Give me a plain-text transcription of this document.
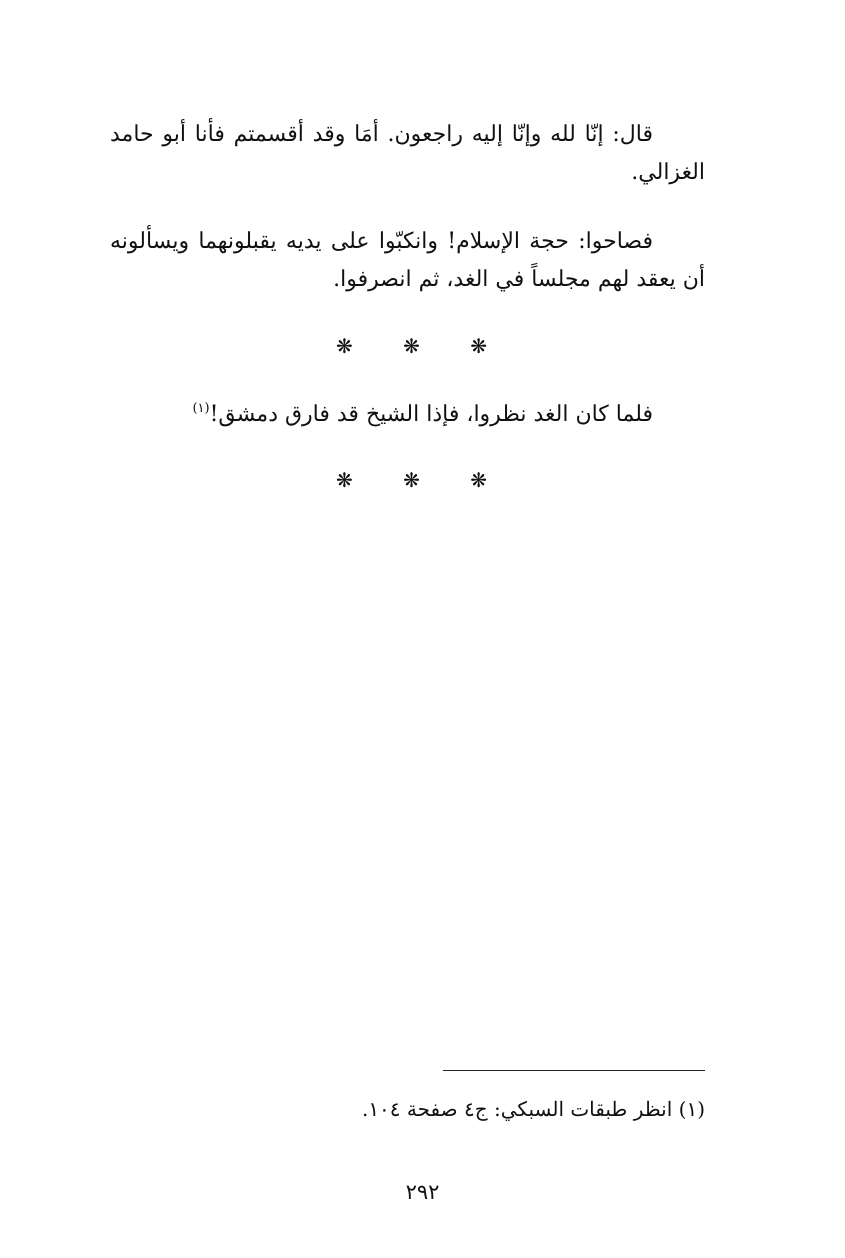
قال: إنّا لله وإنّا إليه راجعون. أمَا وقد أقسمتم فأنا أبو حامد الغزالي.

فصاحوا: حجة الإسلام! وانكبّوا على يديه يقبلونهما ويسألونه أن يعقد لهم مجلساً في الغد، ثم انصرفوا.

❋ ❋ ❋

فلما كان الغد نظروا، فإذا الشيخ قد فارق دمشق!$^{(١)}$

❋ ❋ ❋
(١) انظر طبقات السبكي: ج٤ صفحة ١٠٤.
٢٩٢
